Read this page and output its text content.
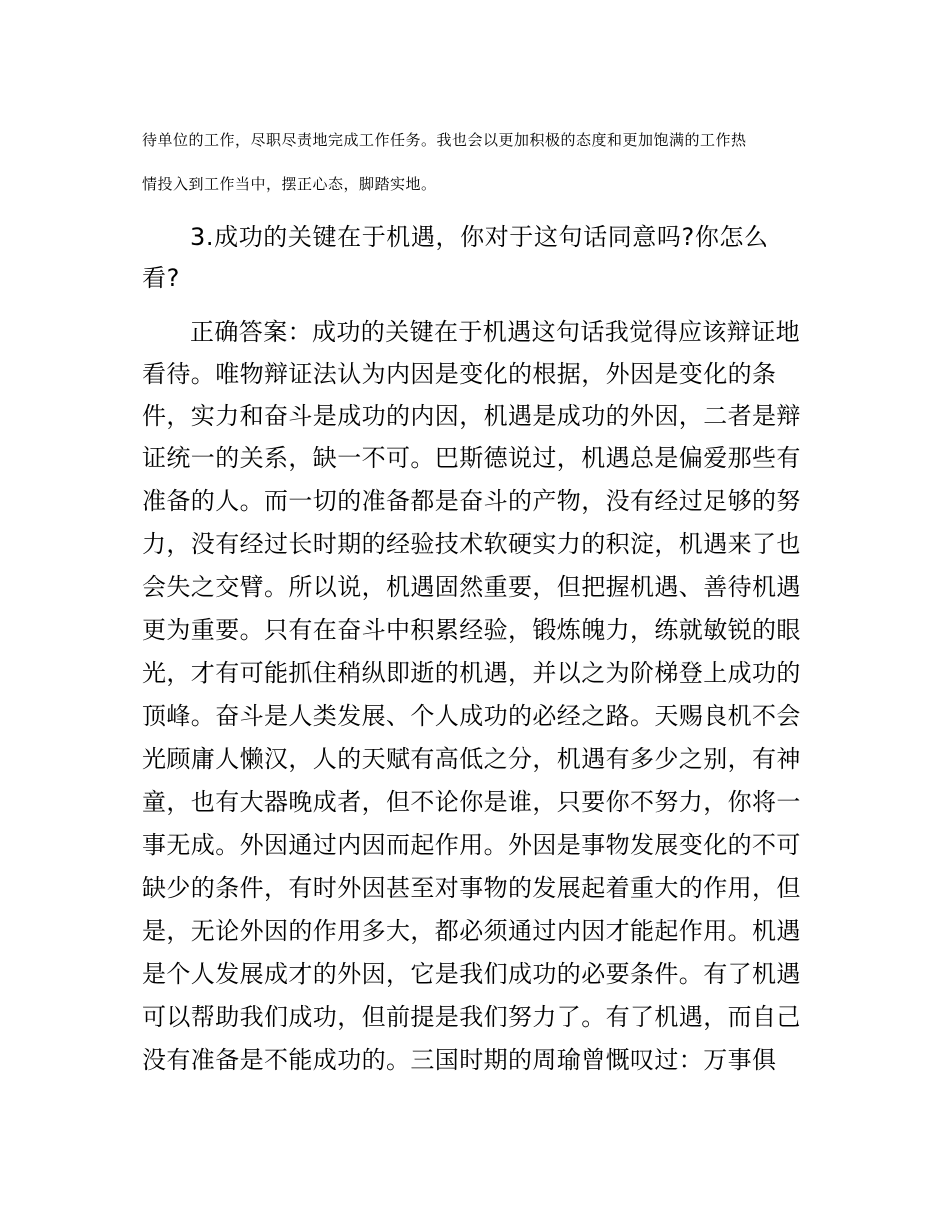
待单位的工作，尽职尽责地完成工作任务。我也会以更加积极的态度和更加饱满的工作热
情投入到工作当中，摆正心态，脚踏实地。
3.成功的关键在于机遇，你对于这句话同意吗?你怎么
看?
正确答案：成功的关键在于机遇这句话我觉得应该辩证地
看待。唯物辩证法认为内因是变化的根据，外因是变化的条
件，实力和奋斗是成功的内因，机遇是成功的外因，二者是辩
证统一的关系，缺一不可。巴斯德说过，机遇总是偏爱那些有
准备的人。而一切的准备都是奋斗的产物，没有经过足够的努
力，没有经过长时期的经验技术软硬实力的积淀，机遇来了也
会失之交臂。所以说，机遇固然重要，但把握机遇、善待机遇
更为重要。只有在奋斗中积累经验，锻炼魄力，练就敏锐的眼
光，才有可能抓住稍纵即逝的机遇，并以之为阶梯登上成功的
顶峰。奋斗是人类发展、个人成功的必经之路。天赐良机不会
光顾庸人懒汉，人的天赋有高低之分，机遇有多少之别，有神
童，也有大器晚成者，但不论你是谁，只要你不努力，你将一
事无成。外因通过内因而起作用。外因是事物发展变化的不可
缺少的条件，有时外因甚至对事物的发展起着重大的作用，但
是，无论外因的作用多大，都必须通过内因才能起作用。机遇
是个人发展成才的外因，它是我们成功的必要条件。有了机遇
可以帮助我们成功，但前提是我们努力了。有了机遇，而自己
没有准备是不能成功的。三国时期的周瑜曾慨叹过：万事俱
